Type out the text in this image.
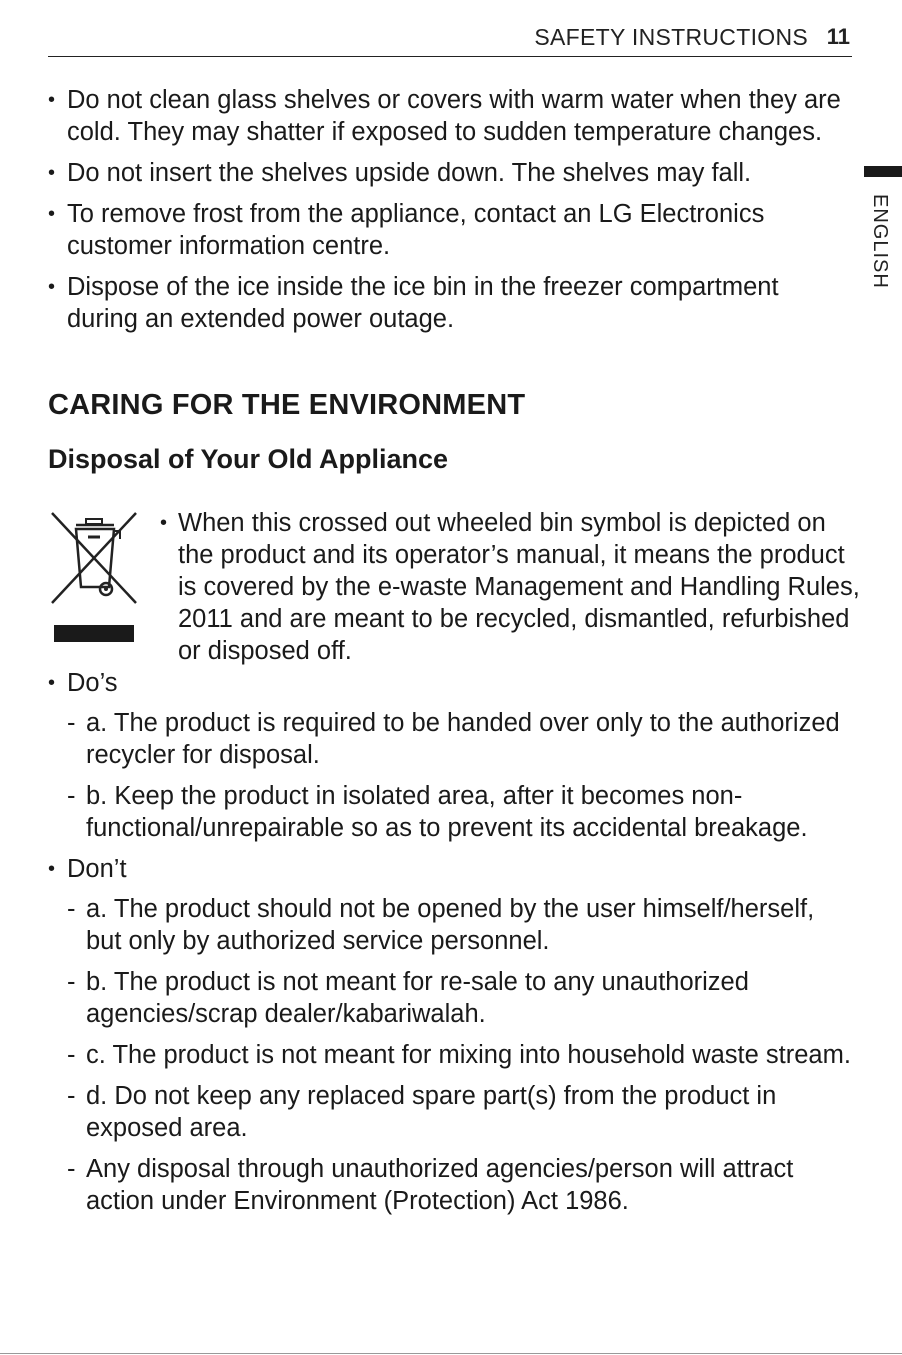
SAFETY INSTRUCTIONS 11
ENGLISH
• Do not clean glass shelves or covers with warm water when they are cold. They may shatter if exposed to sudden temperature changes.
• Do not insert the shelves upside down. The shelves may fall.
• To remove frost from the appliance, contact an LG Electronics customer information centre.
• Dispose of the ice inside the ice bin in the freezer compartment during an extended power outage.
CARING FOR THE ENVIRONMENT
Disposal of Your Old Appliance
• When this crossed out wheeled bin symbol is depicted on the product and its operator’s manual, it means the product is covered by the e-waste Management and Handling Rules, 2011 and are meant to be recycled, dismantled, refurbished or disposed off.
• Do’s
- a. The product is required to be handed over only to the authorized recycler for disposal.
- b. Keep the product in isolated area, after it becomes non-functional/unrepairable so as to prevent its accidental breakage.
• Don’t
- a. The product should not be opened by the user himself/herself, but only by authorized service personnel.
- b. The product is not meant for re-sale to any unauthorized agencies/scrap dealer/kabariwalah.
- c. The product is not meant for mixing into household waste stream.
- d. Do not keep any replaced spare part(s) from the product in exposed area.
- Any disposal through unauthorized agencies/person will attract action under Environment (Protection) Act 1986.
